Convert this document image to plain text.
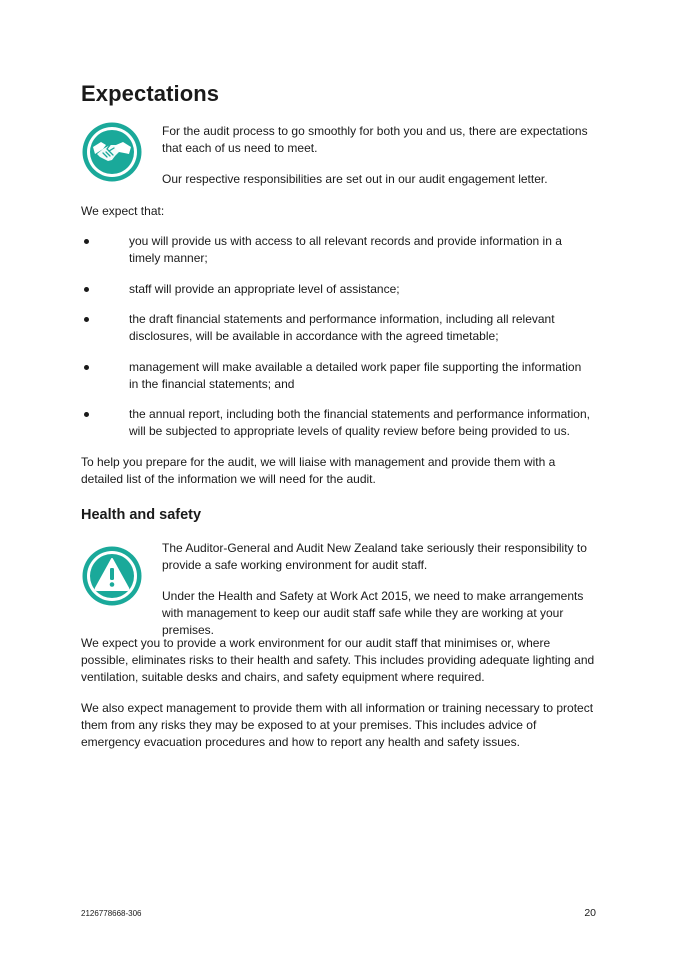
Expectations

For the audit process to go smoothly for both you and us, there are expectations that each of us need to meet.

Our respective responsibilities are set out in our audit engagement letter.

We expect that:

you will provide us with access to all relevant records and provide information in a timely manner;

staff will provide an appropriate level of assistance;

the draft financial statements and performance information, including all relevant disclosures, will be available in accordance with the agreed timetable;

management will make available a detailed work paper file supporting the information in the financial statements; and

the annual report, including both the financial statements and performance information, will be subjected to appropriate levels of quality review before being provided to us.

To help you prepare for the audit, we will liaise with management and provide them with a detailed list of the information we will need for the audit.

Health and safety

The Auditor-General and Audit New Zealand take seriously their responsibility to provide a safe working environment for audit staff.

Under the Health and Safety at Work Act 2015, we need to make arrangements with management to keep our audit staff safe while they are working at your premises.

We expect you to provide a work environment for our audit staff that minimises or, where possible, eliminates risks to their health and safety. This includes providing adequate lighting and ventilation, suitable desks and chairs, and safety equipment where required.

We also expect management to provide them with all information or training necessary to protect them from any risks they may be exposed to at your premises. This includes advice of emergency evacuation procedures and how to report any health and safety issues.

2126778668-306	20
